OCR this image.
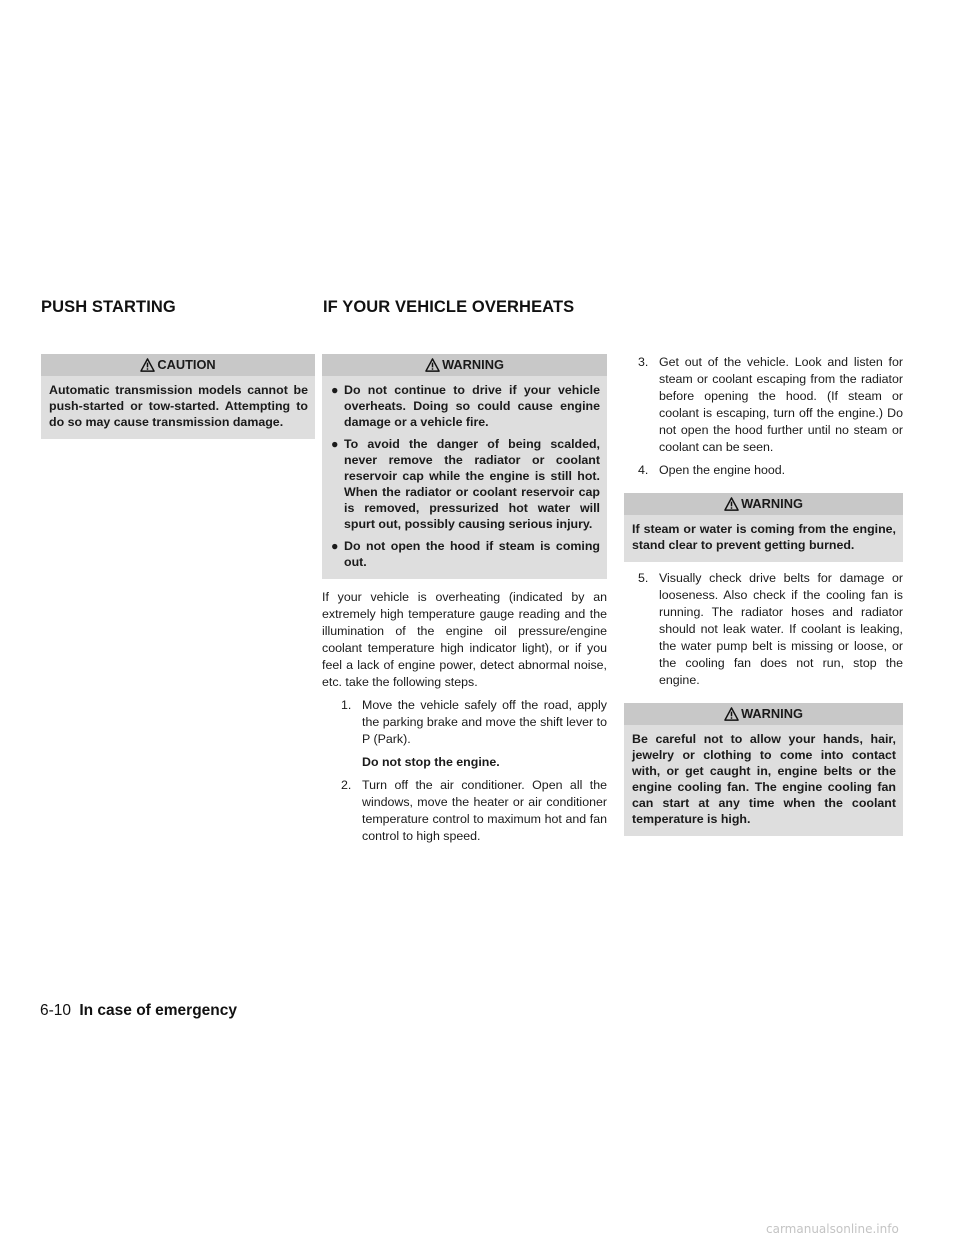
PUSH STARTING	IF YOUR VEHICLE OVERHEATS
CAUTION
Automatic transmission models cannot be push-started or tow-started. Attempting to do so may cause transmission damage.
WARNING
● Do not continue to drive if your vehicle overheats. Doing so could cause engine damage or a vehicle fire.
● To avoid the danger of being scalded, never remove the radiator or coolant reservoir cap while the engine is still hot. When the radiator or coolant reservoir cap is removed, pressurized hot water will spurt out, possibly causing serious injury.
● Do not open the hood if steam is coming out.

If your vehicle is overheating (indicated by an extremely high temperature gauge reading and the illumination of the engine oil pressure/engine coolant temperature high indicator light), or if you feel a lack of engine power, detect abnormal noise, etc. take the following steps.

1. Move the vehicle safely off the road, apply the parking brake and move the shift lever to P (Park).
Do not stop the engine.
2. Turn off the air conditioner. Open all the windows, move the heater or air conditioner temperature control to maximum hot and fan control to high speed.
3. Get out of the vehicle. Look and listen for steam or coolant escaping from the radiator before opening the hood. (If steam or coolant is escaping, turn off the engine.) Do not open the hood further until no steam or coolant can be seen.
4. Open the engine hood.
WARNING
If steam or water is coming from the engine, stand clear to prevent getting burned.
5. Visually check drive belts for damage or looseness. Also check if the cooling fan is running. The radiator hoses and radiator should not leak water. If coolant is leaking, the water pump belt is missing or loose, or the cooling fan does not run, stop the engine.
WARNING
Be careful not to allow your hands, hair, jewelry or clothing to come into contact with, or get caught in, engine belts or the engine cooling fan. The engine cooling fan can start at any time when the coolant temperature is high.
6-10 In case of emergency
carmanualsonline.info
